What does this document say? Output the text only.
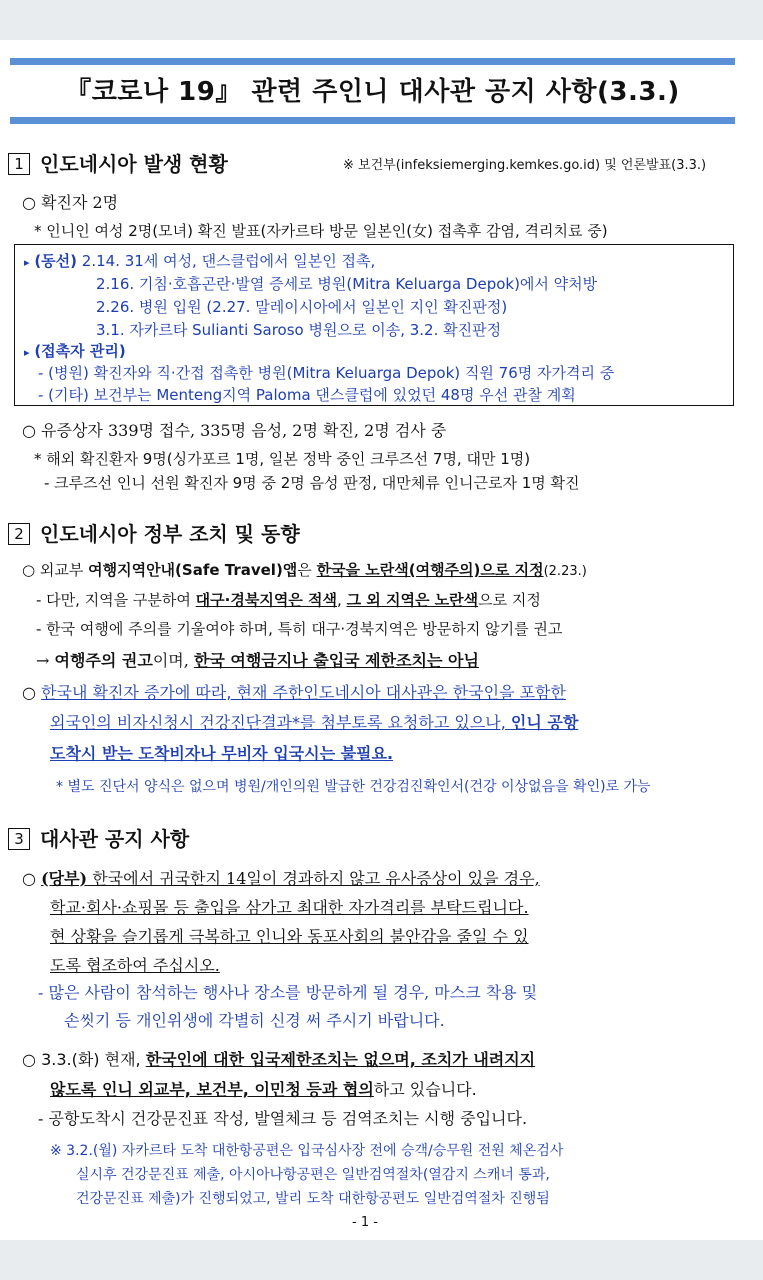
『코로나 19』 관련 주인니 대사관 공지 사항(3.3.)
1 인도네시아 발생 현황	※ 보건부(infeksiemerging.kemkes.go.id) 및 언론발표(3.3.)
○ 확진자 2명
* 인니인 여성 2명(모녀) 확진 발표(자카르타 방문 일본인(女) 접촉후 감염, 격리치료 중)
▸ (동선) 2.14. 31세 여성, 댄스클럽에서 일본인 접촉,
2.16. 기침·호흡곤란·발열 증세로 병원(Mitra Keluarga Depok)에서 약처방
2.26. 병원 입원 (2.27. 말레이시아에서 일본인 지인 확진판정)
3.1. 자카르타 Sulianti Saroso 병원으로 이송, 3.2. 확진판정
▸ (접촉자 관리)
- (병원) 확진자와 직·간접 접촉한 병원(Mitra Keluarga Depok) 직원 76명 자가격리 중
- (기타) 보건부는 Menteng지역 Paloma 댄스클럽에 있었던 48명 우선 관찰 계획
○ 유증상자 339명 접수, 335명 음성, 2명 확진, 2명 검사 중
* 해외 확진환자 9명(싱가포르 1명, 일본 정박 중인 크루즈선 7명, 대만 1명)
- 크루즈선 인니 선원 확진자 9명 중 2명 음성 판정, 대만체류 인니근로자 1명 확진
2 인도네시아 정부 조치 및 동향
○ 외교부 여행지역안내(Safe Travel)앱은 한국을 노란색(여행주의)으로 지정(2.23.)
- 다만, 지역을 구분하여 대구·경북지역은 적색, 그 외 지역은 노란색으로 지정
- 한국 여행에 주의를 기울여야 하며, 특히 대구·경북지역은 방문하지 않기를 권고
→ 여행주의 권고이며, 한국 여행금지나 출입국 제한조치는 아님
○ 한국내 확진자 증가에 따라, 현재 주한인도네시아 대사관은 한국인을 포함한
외국인의 비자신청시 건강진단결과*를 첨부토록 요청하고 있으나, 인니 공항
도착시 받는 도착비자나 무비자 입국시는 불필요.
* 별도 진단서 양식은 없으며 병원/개인의원 발급한 건강검진확인서(건강 이상없음을 확인)로 가능
3 대사관 공지 사항
○ (당부) 한국에서 귀국한지 14일이 경과하지 않고 유사증상이 있을 경우,
학교·회사·쇼핑몰 등 출입을 삼가고 최대한 자가격리를 부탁드립니다.
현 상황을 슬기롭게 극복하고 인니와 동포사회의 불안감을 줄일 수 있
도록 협조하여 주십시오.
- 많은 사람이 참석하는 행사나 장소를 방문하게 될 경우, 마스크 착용 및
손씻기 등 개인위생에 각별히 신경 써 주시기 바랍니다.
○ 3.3.(화) 현재, 한국인에 대한 입국제한조치는 없으며, 조치가 내려지지
않도록 인니 외교부, 보건부, 이민청 등과 협의하고 있습니다.
- 공항도착시 건강문진표 작성, 발열체크 등 검역조치는 시행 중입니다.
※ 3.2.(월) 자카르타 도착 대한항공편은 입국심사장 전에 승객/승무원 전원 체온검사
실시후 건강문진표 제출, 아시아나항공편은 일반검역절차(열감지 스캐너 통과,
건강문진표 제출)가 진행되었고, 발리 도착 대한항공편도 일반검역절차 진행됨
- 1 -
